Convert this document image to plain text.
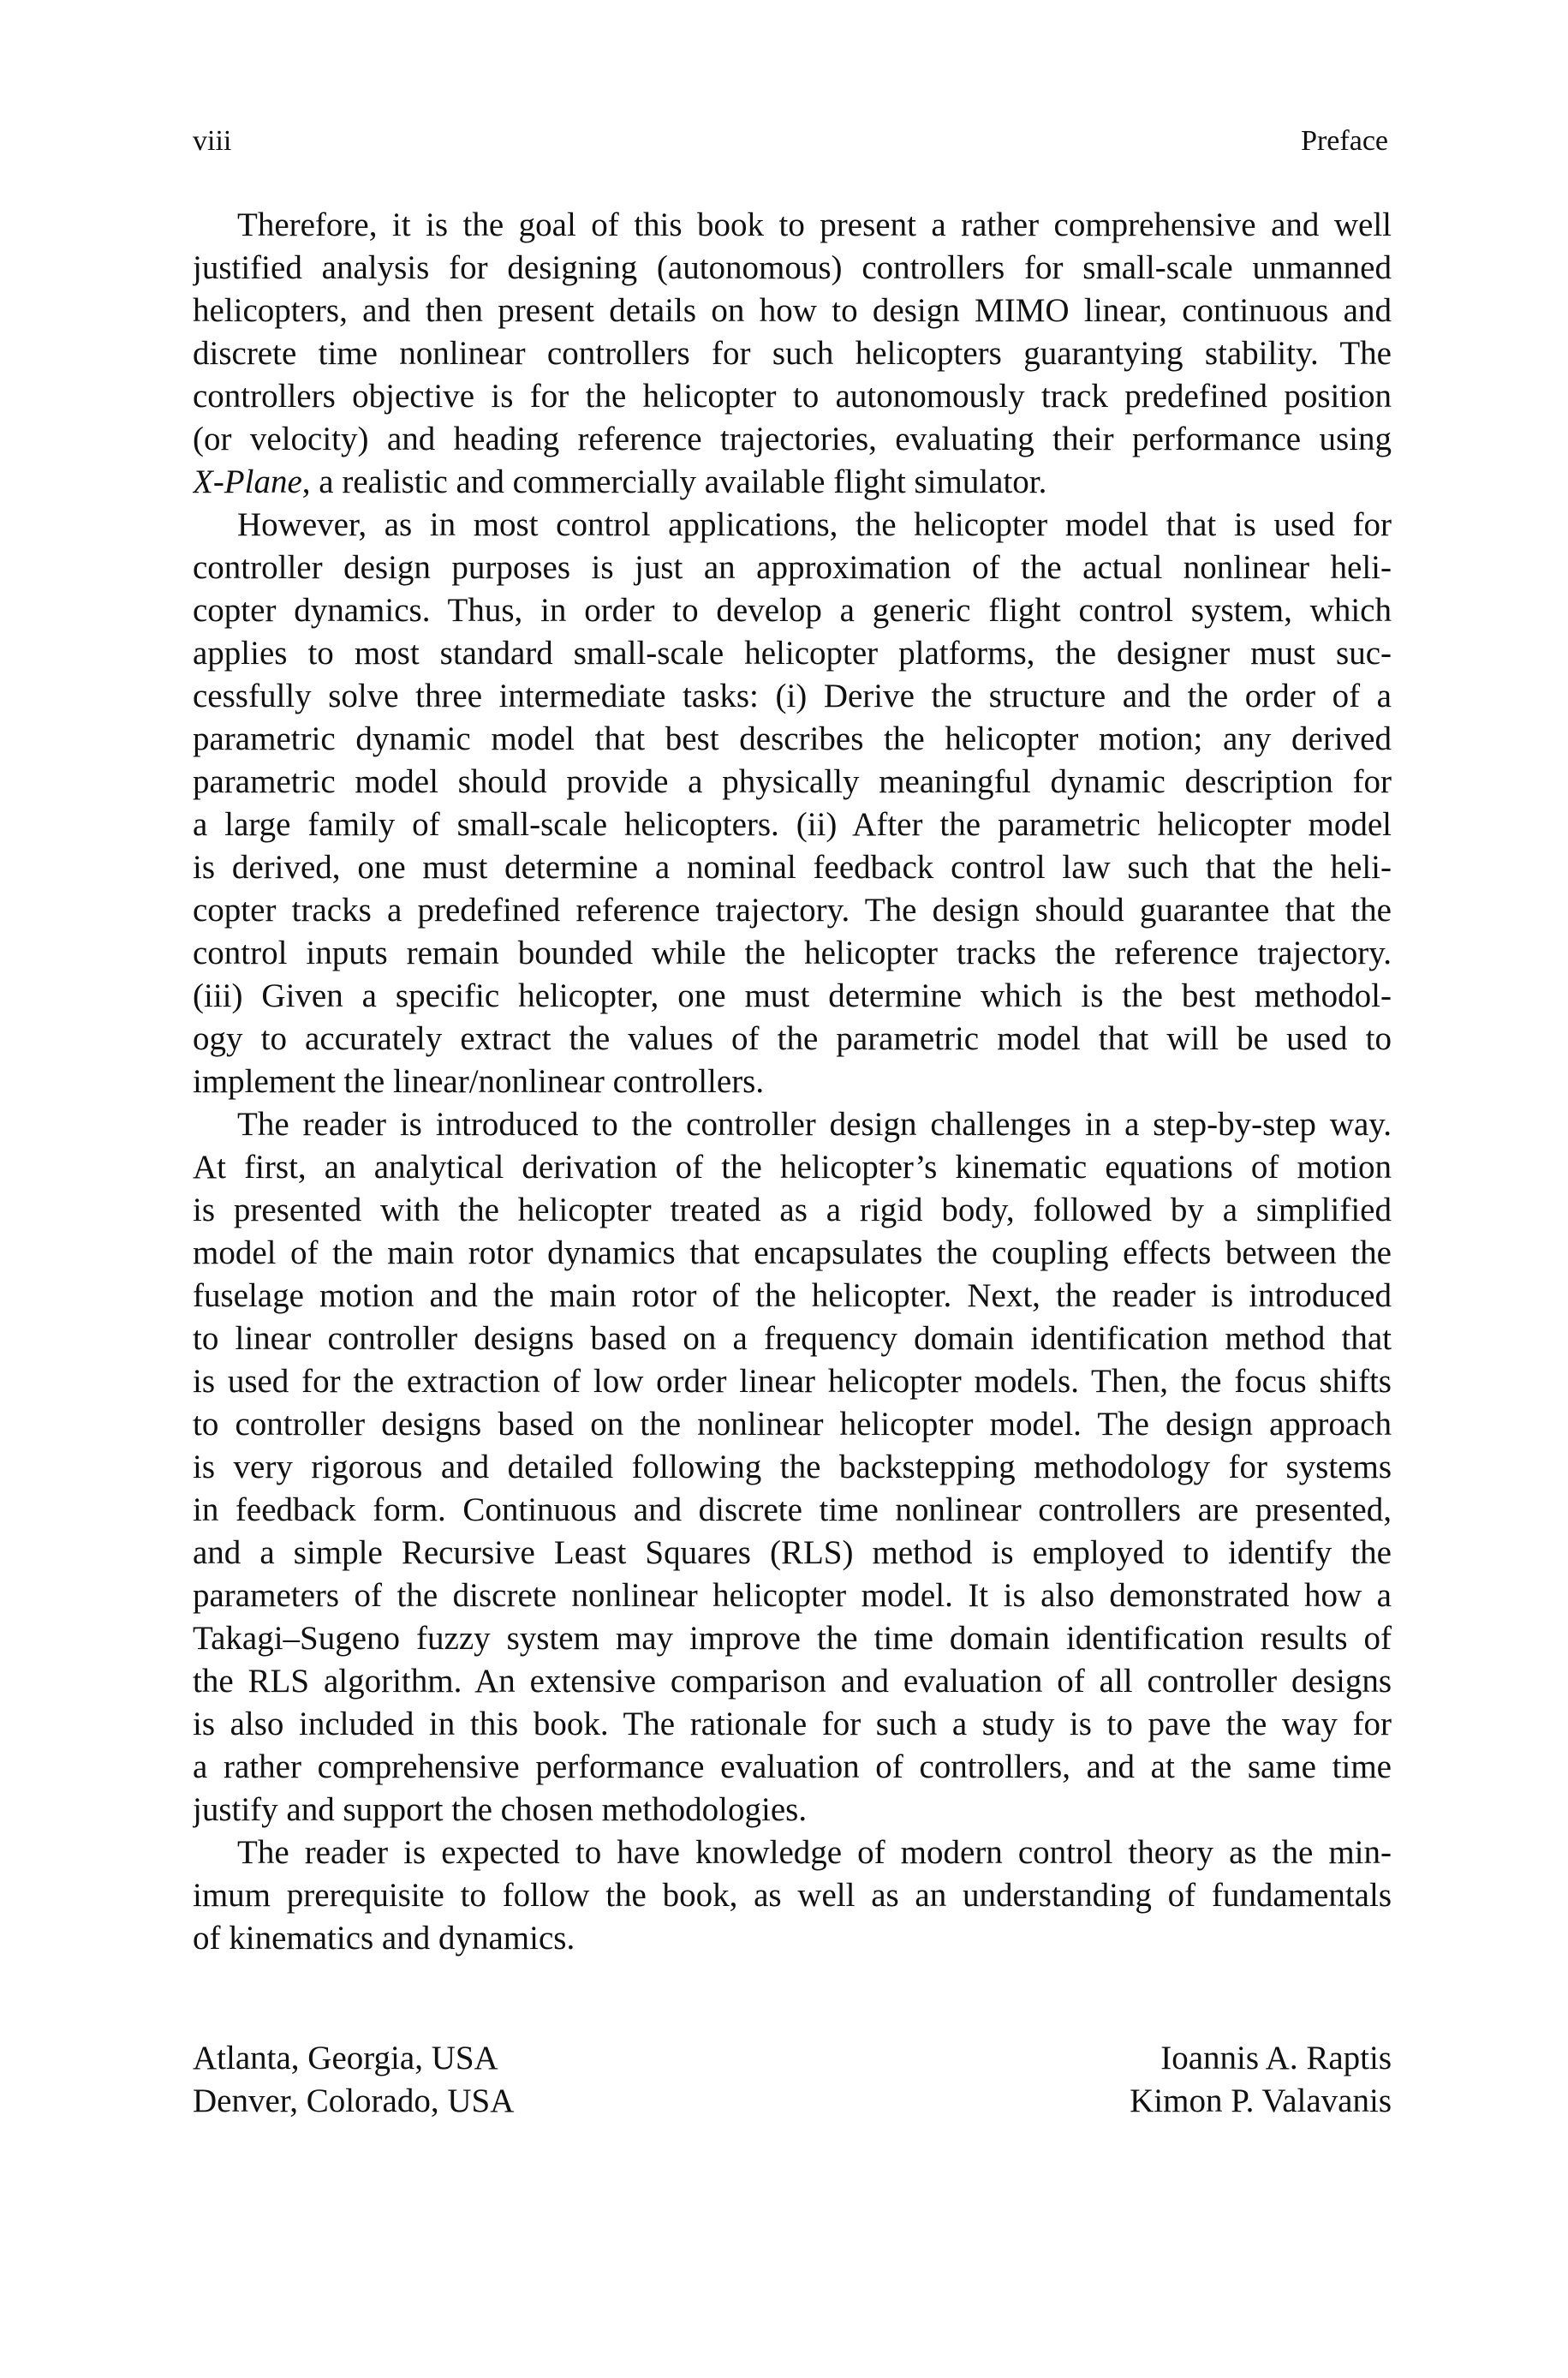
viii	Preface
Therefore, it is the goal of this book to present a rather comprehensive and well
justified analysis for designing (autonomous) controllers for small-scale unmanned
helicopters, and then present details on how to design MIMO linear, continuous and
discrete time nonlinear controllers for such helicopters guarantying stability. The
controllers objective is for the helicopter to autonomously track predefined position
(or velocity) and heading reference trajectories, evaluating their performance using
X-Plane, a realistic and commercially available flight simulator.
However, as in most control applications, the helicopter model that is used for
controller design purposes is just an approximation of the actual nonlinear heli-
copter dynamics. Thus, in order to develop a generic flight control system, which
applies to most standard small-scale helicopter platforms, the designer must suc-
cessfully solve three intermediate tasks: (i) Derive the structure and the order of a
parametric dynamic model that best describes the helicopter motion; any derived
parametric model should provide a physically meaningful dynamic description for
a large family of small-scale helicopters. (ii) After the parametric helicopter model
is derived, one must determine a nominal feedback control law such that the heli-
copter tracks a predefined reference trajectory. The design should guarantee that the
control inputs remain bounded while the helicopter tracks the reference trajectory.
(iii) Given a specific helicopter, one must determine which is the best methodol-
ogy to accurately extract the values of the parametric model that will be used to
implement the linear/nonlinear controllers.
The reader is introduced to the controller design challenges in a step-by-step way.
At first, an analytical derivation of the helicopter’s kinematic equations of motion
is presented with the helicopter treated as a rigid body, followed by a simplified
model of the main rotor dynamics that encapsulates the coupling effects between the
fuselage motion and the main rotor of the helicopter. Next, the reader is introduced
to linear controller designs based on a frequency domain identification method that
is used for the extraction of low order linear helicopter models. Then, the focus shifts
to controller designs based on the nonlinear helicopter model. The design approach
is very rigorous and detailed following the backstepping methodology for systems
in feedback form. Continuous and discrete time nonlinear controllers are presented,
and a simple Recursive Least Squares (RLS) method is employed to identify the
parameters of the discrete nonlinear helicopter model. It is also demonstrated how a
Takagi–Sugeno fuzzy system may improve the time domain identification results of
the RLS algorithm. An extensive comparison and evaluation of all controller designs
is also included in this book. The rationale for such a study is to pave the way for
a rather comprehensive performance evaluation of controllers, and at the same time
justify and support the chosen methodologies.
The reader is expected to have knowledge of modern control theory as the min-
imum prerequisite to follow the book, as well as an understanding of fundamentals
of kinematics and dynamics.
Atlanta, Georgia, USA	Ioannis A. Raptis
Denver, Colorado, USA	Kimon P. Valavanis
